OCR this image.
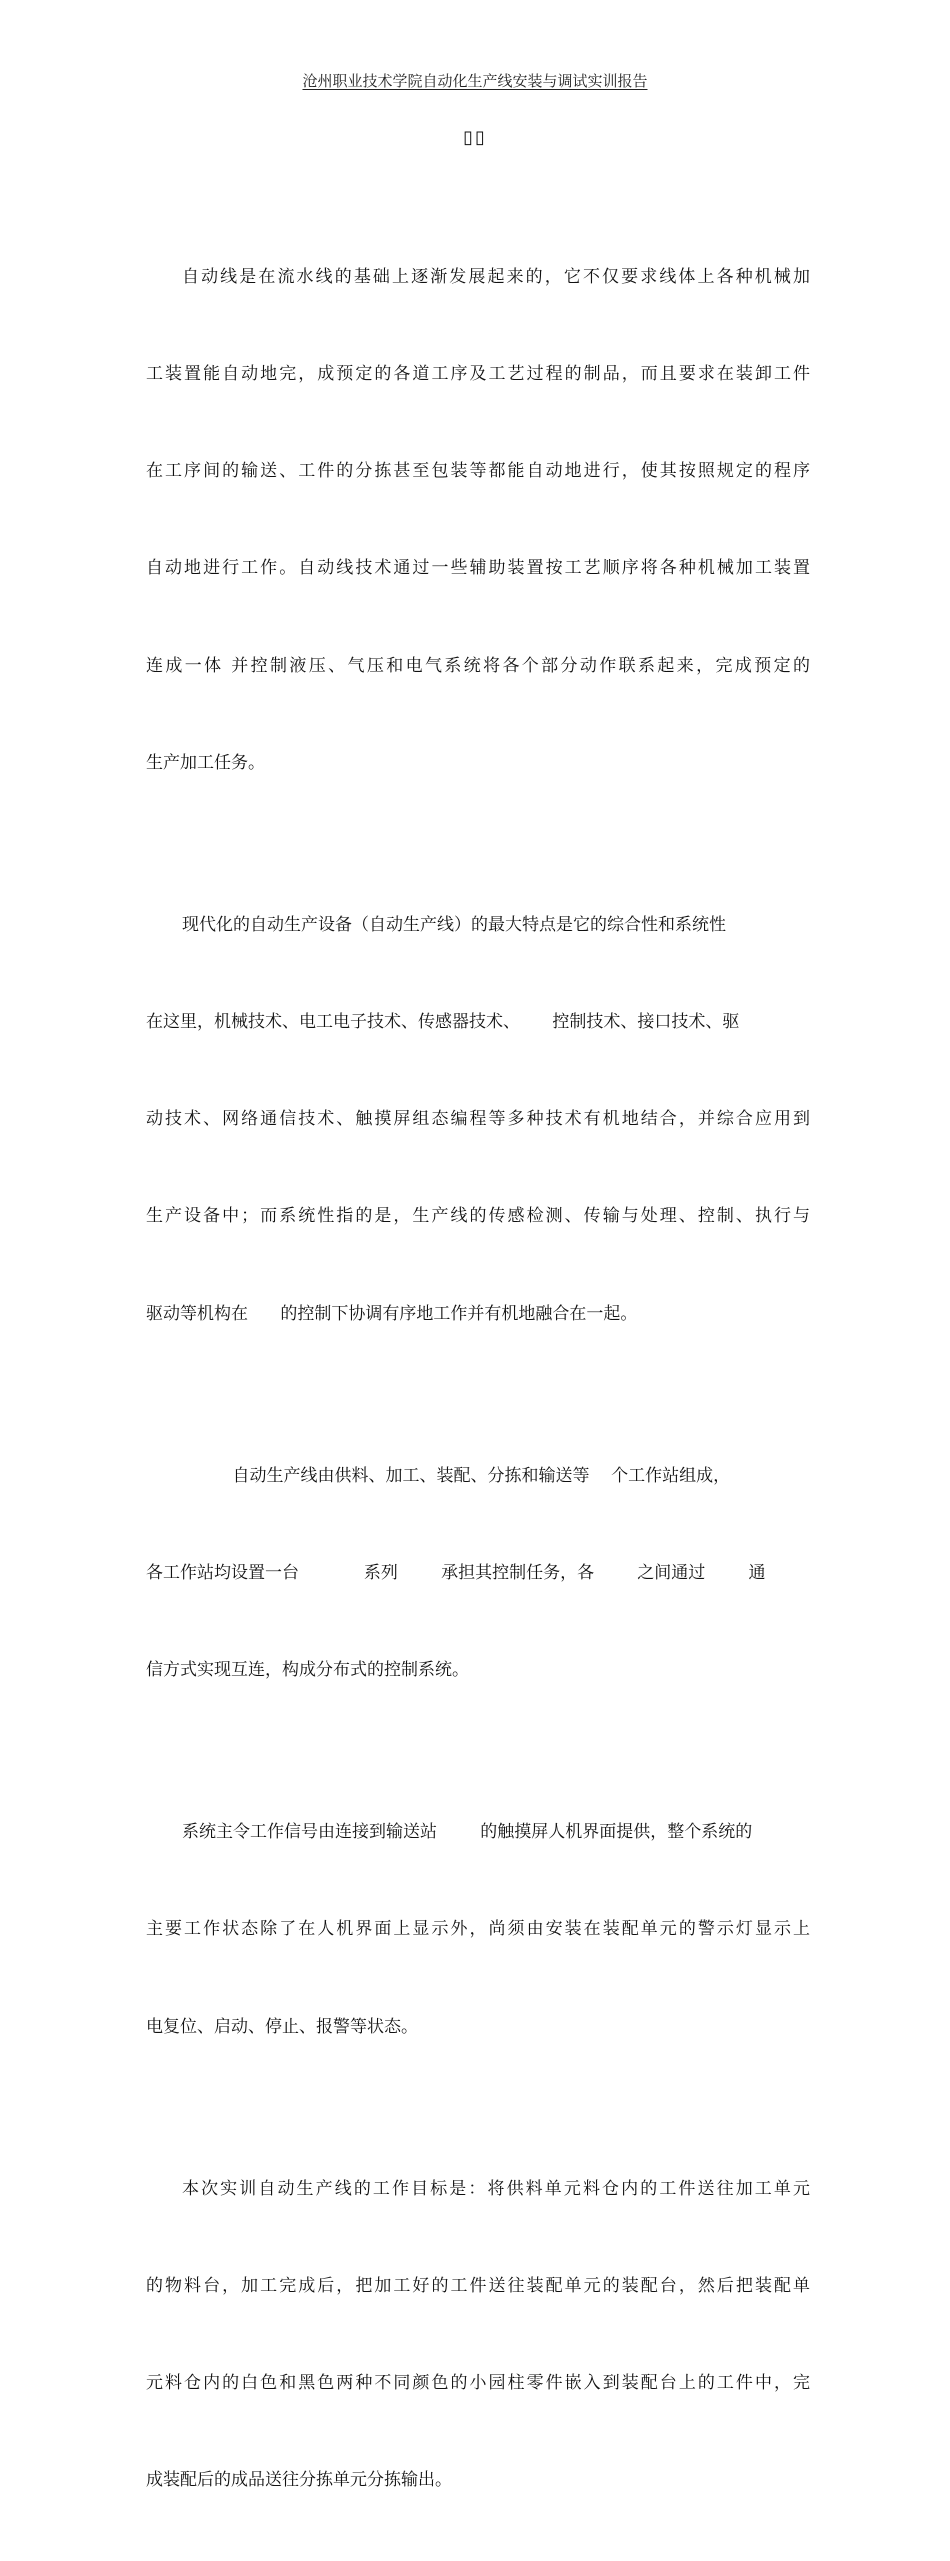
沧州职业技术学院自动化生产线安装与调试实训报告
▯▯

自动线是在流水线的基础上逐渐发展起来的，它不仅要求线体上各种机械加

工装置能自动地完，成预定的各道工序及工艺过程的制品，而且要求在装卸工件

在工序间的输送、工件的分拣甚至包装等都能自动地进行，使其按照规定的程序

自动地进行工作。自动线技术通过一些辅助装置按工艺顺序将各种机械加工装置

连成一体 并控制液压、气压和电气系统将各个部分动作联系起来，完成预定的

生产加工任务。

现代化的自动生产设备（自动生产线）的最大特点是它的综合性和系统性

在这里，机械技术、电工电子技术、传感器技术、      控制技术、接口技术、驱

动技术、网络通信技术、触摸屏组态编程等多种技术有机地结合，并综合应用到

生产设备中；而系统性指的是，生产线的传感检测、传输与处理、控制、执行与

驱动等机构在      的控制下协调有序地工作并有机地融合在一起。

自动生产线由供料、加工、装配、分拣和输送等    个工作站组成，

各工作站均设置一台            系列        承担其控制任务，各        之间通过        通

信方式实现互连，构成分布式的控制系统。

系统主令工作信号由连接到输送站        的触摸屏人机界面提供，整个系统的

主要工作状态除了在人机界面上显示外，尚须由安装在装配单元的警示灯显示上

电复位、启动、停止、报警等状态。

本次实训自动生产线的工作目标是：将供料单元料仓内的工件送往加工单元

的物料台，加工完成后，把加工好的工件送往装配单元的装配台，然后把装配单

元料仓内的白色和黑色两种不同颜色的小园柱零件嵌入到装配台上的工件中，完

成装配后的成品送往分拣单元分拣输出。
